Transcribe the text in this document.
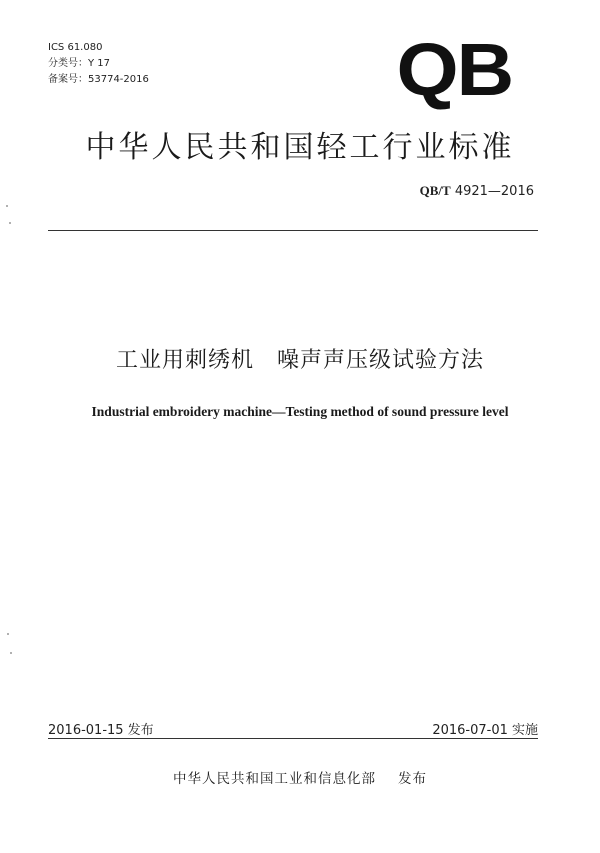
ICS 61.080
分类号：Y 17
备案号：53774-2016	QB
中华人民共和国轻工行业标准
QB/T 4921—2016
工业用刺绣机　噪声声压级试验方法
Industrial embroidery machine—Testing method of sound pressure level
2016-01-15 发布	2016-07-01 实施
中华人民共和国工业和信息化部 发布
